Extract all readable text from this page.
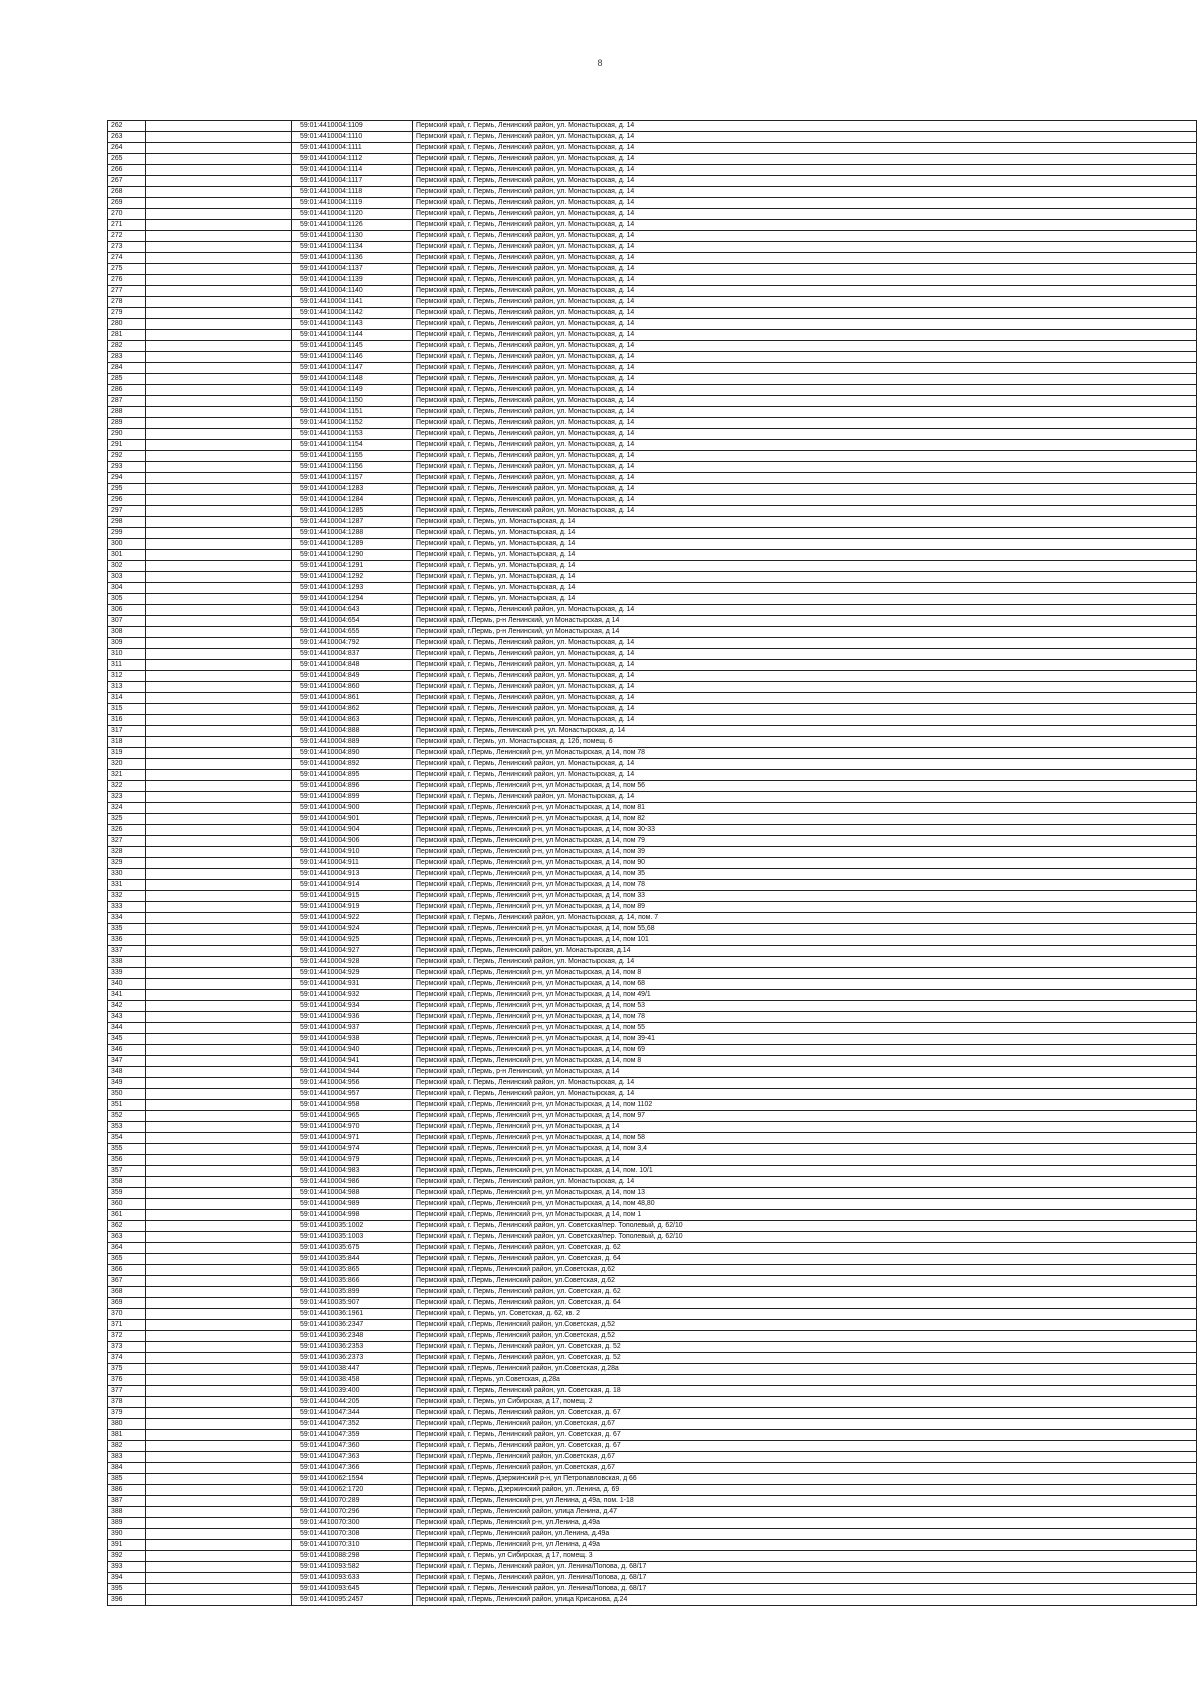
8
262		59:01:4410004:1109	Пермский край, г. Пермь, Ленинский район, ул. Монастырская, д. 14
263		59:01:4410004:1110	Пермский край, г. Пермь, Ленинский район, ул. Монастырская, д. 14
264		59:01:4410004:1111	Пермский край, г. Пермь, Ленинский район, ул. Монастырская, д. 14
265		59:01:4410004:1112	Пермский край, г. Пермь, Ленинский район, ул. Монастырская, д. 14
266		59:01:4410004:1114	Пермский край, г. Пермь, Ленинский район, ул. Монастырская, д. 14
267		59:01:4410004:1117	Пермский край, г. Пермь, Ленинский район, ул. Монастырская, д. 14
268		59:01:4410004:1118	Пермский край, г. Пермь, Ленинский район, ул. Монастырская, д. 14
269		59:01:4410004:1119	Пермский край, г. Пермь, Ленинский район, ул. Монастырская, д. 14
270		59:01:4410004:1120	Пермский край, г. Пермь, Ленинский район, ул. Монастырская, д. 14
271		59:01:4410004:1126	Пермский край, г. Пермь, Ленинский район, ул. Монастырская, д. 14
272		59:01:4410004:1130	Пермский край, г. Пермь, Ленинский район, ул. Монастырская, д. 14
273		59:01:4410004:1134	Пермский край, г. Пермь, Ленинский район, ул. Монастырская, д. 14
274		59:01:4410004:1136	Пермский край, г. Пермь, Ленинский район, ул. Монастырская, д. 14
275		59:01:4410004:1137	Пермский край, г. Пермь, Ленинский район, ул. Монастырская, д. 14
276		59:01:4410004:1139	Пермский край, г. Пермь, Ленинский район, ул. Монастырская, д. 14
277		59:01:4410004:1140	Пермский край, г. Пермь, Ленинский район, ул. Монастырская, д. 14
278		59:01:4410004:1141	Пермский край, г. Пермь, Ленинский район, ул. Монастырская, д. 14
279		59:01:4410004:1142	Пермский край, г. Пермь, Ленинский район, ул. Монастырская, д. 14
280		59:01:4410004:1143	Пермский край, г. Пермь, Ленинский район, ул. Монастырская, д. 14
281		59:01:4410004:1144	Пермский край, г. Пермь, Ленинский район, ул. Монастырская, д. 14
282		59:01:4410004:1145	Пермский край, г. Пермь, Ленинский район, ул. Монастырская, д. 14
283		59:01:4410004:1146	Пермский край, г. Пермь, Ленинский район, ул. Монастырская, д. 14
284		59:01:4410004:1147	Пермский край, г. Пермь, Ленинский район, ул. Монастырская, д. 14
285		59:01:4410004:1148	Пермский край, г. Пермь, Ленинский район, ул. Монастырская, д. 14
286		59:01:4410004:1149	Пермский край, г. Пермь, Ленинский район, ул. Монастырская, д. 14
287		59:01:4410004:1150	Пермский край, г. Пермь, Ленинский район, ул. Монастырская, д. 14
288		59:01:4410004:1151	Пермский край, г. Пермь, Ленинский район, ул. Монастырская, д. 14
289		59:01:4410004:1152	Пермский край, г. Пермь, Ленинский район, ул. Монастырская, д. 14
290		59:01:4410004:1153	Пермский край, г. Пермь, Ленинский район, ул. Монастырская, д. 14
291		59:01:4410004:1154	Пермский край, г. Пермь, Ленинский район, ул. Монастырская, д. 14
292		59:01:4410004:1155	Пермский край, г. Пермь, Ленинский район, ул. Монастырская, д. 14
293		59:01:4410004:1156	Пермский край, г. Пермь, Ленинский район, ул. Монастырская, д. 14
294		59:01:4410004:1157	Пермский край, г. Пермь, Ленинский район, ул. Монастырская, д. 14
295		59:01:4410004:1283	Пермский край, г. Пермь, Ленинский район, ул. Монастырская, д. 14
296		59:01:4410004:1284	Пермский край, г. Пермь, Ленинский район, ул. Монастырская, д. 14
297		59:01:4410004:1285	Пермский край, г. Пермь, Ленинский район, ул. Монастырская, д. 14
298		59:01:4410004:1287	Пермский край, г. Пермь, ул. Монастырская, д. 14
299		59:01:4410004:1288	Пермский край, г. Пермь, ул. Монастырская, д. 14
300		59:01:4410004:1289	Пермский край, г. Пермь, ул. Монастырская, д. 14
301		59:01:4410004:1290	Пермский край, г. Пермь, ул. Монастырская, д. 14
302		59:01:4410004:1291	Пермский край, г. Пермь, ул. Монастырская, д. 14
303		59:01:4410004:1292	Пермский край, г. Пермь, ул. Монастырская, д. 14
304		59:01:4410004:1293	Пермский край, г. Пермь, ул. Монастырская, д. 14
305		59:01:4410004:1294	Пермский край, г. Пермь, ул. Монастырская, д. 14
306		59:01:4410004:643	Пермский край, г. Пермь, Ленинский район, ул. Монастырская, д. 14
307		59:01:4410004:654	Пермский край, г.Пермь, р-н Ленинский, ул Монастырская, д 14
308		59:01:4410004:655	Пермский край, г.Пермь, р-н Ленинский, ул Монастырская, д 14
309		59:01:4410004:792	Пермский край, г. Пермь, Ленинский район, ул. Монастырская, д. 14
310		59:01:4410004:837	Пермский край, г. Пермь, Ленинский район, ул. Монастырская, д. 14
311		59:01:4410004:848	Пермский край, г. Пермь, Ленинский район, ул. Монастырская, д. 14
312		59:01:4410004:849	Пермский край, г. Пермь, Ленинский район, ул. Монастырская, д. 14
313		59:01:4410004:860	Пермский край, г. Пермь, Ленинский район, ул. Монастырская, д. 14
314		59:01:4410004:861	Пермский край, г. Пермь, Ленинский район, ул. Монастырская, д. 14
315		59:01:4410004:862	Пермский край, г. Пермь, Ленинский район, ул. Монастырская, д. 14
316		59:01:4410004:863	Пермский край, г. Пермь, Ленинский район, ул. Монастырская, д. 14
317		59:01:4410004:888	Пермский край, г. Пермь, Ленинский р-н, ул. Монастырская, д. 14
318		59:01:4410004:889	Пермский край, г. Пермь, ул. Монастырская, д. 12б, помещ. 6
319		59:01:4410004:890	Пермский край, г.Пермь, Ленинский р-н, ул Монастырская, д 14, пом 78
320		59:01:4410004:892	Пермский край, г. Пермь, Ленинский район, ул. Монастырская, д. 14
321		59:01:4410004:895	Пермский край, г. Пермь, Ленинский район, ул. Монастырская, д. 14
322		59:01:4410004:896	Пермский край, г.Пермь, Ленинский р-н, ул Монастырская, д 14, пом 56
323		59:01:4410004:899	Пермский край, г. Пермь, Ленинский район, ул. Монастырская, д. 14
324		59:01:4410004:900	Пермский край, г.Пермь, Ленинский р-н, ул Монастырская, д 14, пом 81
325		59:01:4410004:901	Пермский край, г.Пермь, Ленинский р-н, ул Монастырская, д 14, пом 82
326		59:01:4410004:904	Пермский край, г.Пермь, Ленинский р-н, ул Монастырская, д 14, пом 30-33
327		59:01:4410004:906	Пермский край, г.Пермь, Ленинский р-н, ул Монастырская, д 14, пом 79
328		59:01:4410004:910	Пермский край, г.Пермь, Ленинский р-н, ул Монастырская, д 14, пом 39
329		59:01:4410004:911	Пермский край, г.Пермь, Ленинский р-н, ул Монастырская, д 14, пом 90
330		59:01:4410004:913	Пермский край, г.Пермь, Ленинский р-н, ул Монастырская, д 14, пом 35
331		59:01:4410004:914	Пермский край, г.Пермь, Ленинский р-н, ул Монастырская, д 14, пом 78
332		59:01:4410004:915	Пермский край, г.Пермь, Ленинский р-н, ул Монастырская, д 14, пом 33
333		59:01:4410004:919	Пермский край, г.Пермь, Ленинский р-н, ул Монастырская, д 14, пом 89
334		59:01:4410004:922	Пермский край, г. Пермь, Ленинский район, ул. Монастырская, д. 14, пом. 7
335		59:01:4410004:924	Пермский край, г.Пермь, Ленинский р-н, ул Монастырская, д 14, пом 55,68
336		59:01:4410004:925	Пермский край, г.Пермь, Ленинский р-н, ул Монастырская, д 14, пом 101
337		59:01:4410004:927	Пермский край, г.Пермь, Ленинский район, ул. Монастырская, д.14
338		59:01:4410004:928	Пермский край, г. Пермь, Ленинский район, ул. Монастырская, д. 14
339		59:01:4410004:929	Пермский край, г.Пермь, Ленинский р-н, ул Монастырская, д 14, пом 8
340		59:01:4410004:931	Пермский край, г.Пермь, Ленинский р-н, ул Монастырская, д 14, пом 68
341		59:01:4410004:932	Пермский край, г.Пермь, Ленинский р-н, ул Монастырская, д 14, пом 49/1
342		59:01:4410004:934	Пермский край, г.Пермь, Ленинский р-н, ул Монастырская, д 14, пом 53
343		59:01:4410004:936	Пермский край, г.Пермь, Ленинский р-н, ул Монастырская, д 14, пом 78
344		59:01:4410004:937	Пермский край, г.Пермь, Ленинский р-н, ул Монастырская, д 14, пом 55
345		59:01:4410004:938	Пермский край, г.Пермь, Ленинский р-н, ул Монастырская, д 14, пом 39-41
346		59:01:4410004:940	Пермский край, г.Пермь, Ленинский р-н, ул Монастырская, д 14, пом 69
347		59:01:4410004:941	Пермский край, г.Пермь, Ленинский р-н, ул Монастырская, д 14, пом 8
348		59:01:4410004:944	Пермский край, г.Пермь, р-н Ленинский, ул Монастырская, д 14
349		59:01:4410004:956	Пермский край, г. Пермь, Ленинский район, ул. Монастырская, д. 14
350		59:01:4410004:957	Пермский край, г. Пермь, Ленинский район, ул. Монастырская, д. 14
351		59:01:4410004:958	Пермский край, г.Пермь, Ленинский р-н, ул Монастырская, д 14, пом 1102
352		59:01:4410004:965	Пермский край, г.Пермь, Ленинский р-н, ул Монастырская, д 14, пом 97
353		59:01:4410004:970	Пермский край, г.Пермь, Ленинский р-н, ул Монастырская, д 14
354		59:01:4410004:971	Пермский край, г.Пермь, Ленинский р-н, ул Монастырская, д 14, пом 58
355		59:01:4410004:974	Пермский край, г.Пермь, Ленинский р-н, ул Монастырская, д 14, пом 3,4
356		59:01:4410004:979	Пермский край, г.Пермь, Ленинский р-н, ул Монастырская, д 14
357		59:01:4410004:983	Пермский край, г.Пермь, Ленинский р-н, ул Монастырская, д 14, пом. 10/1
358		59:01:4410004:986	Пермский край, г. Пермь, Ленинский район, ул. Монастырская, д. 14
359		59:01:4410004:988	Пермский край, г.Пермь, Ленинский р-н, ул Монастырская, д 14, пом 13
360		59:01:4410004:989	Пермский край, г.Пермь, Ленинский р-н, ул Монастырская, д 14, пом 48,80
361		59:01:4410004:998	Пермский край, г.Пермь, Ленинский р-н, ул Монастырская, д 14, пом 1
362		59:01:4410035:1002	Пермский край, г. Пермь, Ленинский район, ул. Советская/пер. Тополевый, д. 62/10
363		59:01:4410035:1003	Пермский край, г. Пермь, Ленинский район, ул. Советская/пер. Тополевый, д. 62/10
364		59:01:4410035:675	Пермский край, г. Пермь, Ленинский район, ул. Советская, д. 62
365		59:01:4410035:844	Пермский край, г. Пермь, Ленинский район, ул. Советская, д. 64
366		59:01:4410035:865	Пермский край, г.Пермь, Ленинский район, ул.Советская, д.62
367		59:01:4410035:866	Пермский край, г.Пермь, Ленинский район, ул.Советская, д.62
368		59:01:4410035:899	Пермский край, г. Пермь, Ленинский район, ул. Советская, д. 62
369		59:01:4410035:907	Пермский край, г. Пермь, Ленинский район, ул. Советская, д. 64
370		59:01:4410036:1961	Пермский край, г. Пермь, ул. Советская, д. 62, кв. 2
371		59:01:4410036:2347	Пермский край, г.Пермь, Ленинский район, ул.Советская, д.52
372		59:01:4410036:2348	Пермский край, г.Пермь, Ленинский район, ул.Советская, д.52
373		59:01:4410036:2353	Пермский край, г. Пермь, Ленинский район, ул. Советская, д. 52
374		59:01:4410036:2373	Пермский край, г. Пермь, Ленинский район, ул. Советская, д. 52
375		59:01:4410038:447	Пермский край, г.Пермь, Ленинский район, ул.Советская, д.28а
376		59:01:4410038:458	Пермский край, г.Пермь, ул.Советская, д.28а
377		59:01:4410039:400	Пермский край, г. Пермь, Ленинский район, ул. Советская, д. 18
378		59:01:4410044:205	Пермский край, г. Пермь, ул Сибирская, д 17, помещ. 2
379		59:01:4410047:344	Пермский край, г. Пермь, Ленинский район, ул. Советская, д. 67
380		59:01:4410047:352	Пермский край, г.Пермь, Ленинский район, ул.Советская, д.67
381		59:01:4410047:359	Пермский край, г. Пермь, Ленинский район, ул. Советская, д. 67
382		59:01:4410047:360	Пермский край, г. Пермь, Ленинский район, ул. Советская, д. 67
383		59:01:4410047:363	Пермский край, г.Пермь, Ленинский район, ул.Советская, д.67
384		59:01:4410047:366	Пермский край, г.Пермь, Ленинский район, ул.Советская, д.67
385		59:01:4410062:1594	Пермский край, г.Пермь, Дзержинский р-н, ул Петропавловская, д 66
386		59:01:4410062:1720	Пермский край, г. Пермь, Дзержинский район, ул. Ленина, д. 69
387		59:01:4410070:289	Пермский край, г.Пермь, Ленинский р-н, ул Ленина, д 49а, пом. 1-18
388		59:01:4410070:296	Пермский край, г.Пермь, Ленинский район, улица Ленина, д.47
389		59:01:4410070:300	Пермский край, г.Пермь, Ленинский р-н, ул.Ленина, д.49а
390		59:01:4410070:308	Пермский край, г.Пермь, Ленинский район, ул.Ленина, д.49а
391		59:01:4410070:310	Пермский край, г.Пермь, Ленинский р-н, ул Ленина, д 49а
392		59:01:4410088:298	Пермский край, г. Пермь, ул Сибирская, д 17, помещ. 3
393		59:01:4410093:582	Пермский край, г. Пермь, Ленинский район, ул. Ленина/Попова, д. 68/17
394		59:01:4410093:633	Пермский край, г. Пермь, Ленинский район, ул. Ленина/Попова, д. 68/17
395		59:01:4410093:645	Пермский край, г. Пермь, Ленинский район, ул. Ленина/Попова, д. 68/17
396		59:01:4410095:2457	Пермский край, г.Пермь, Ленинский район, улица Крисанова, д.24
